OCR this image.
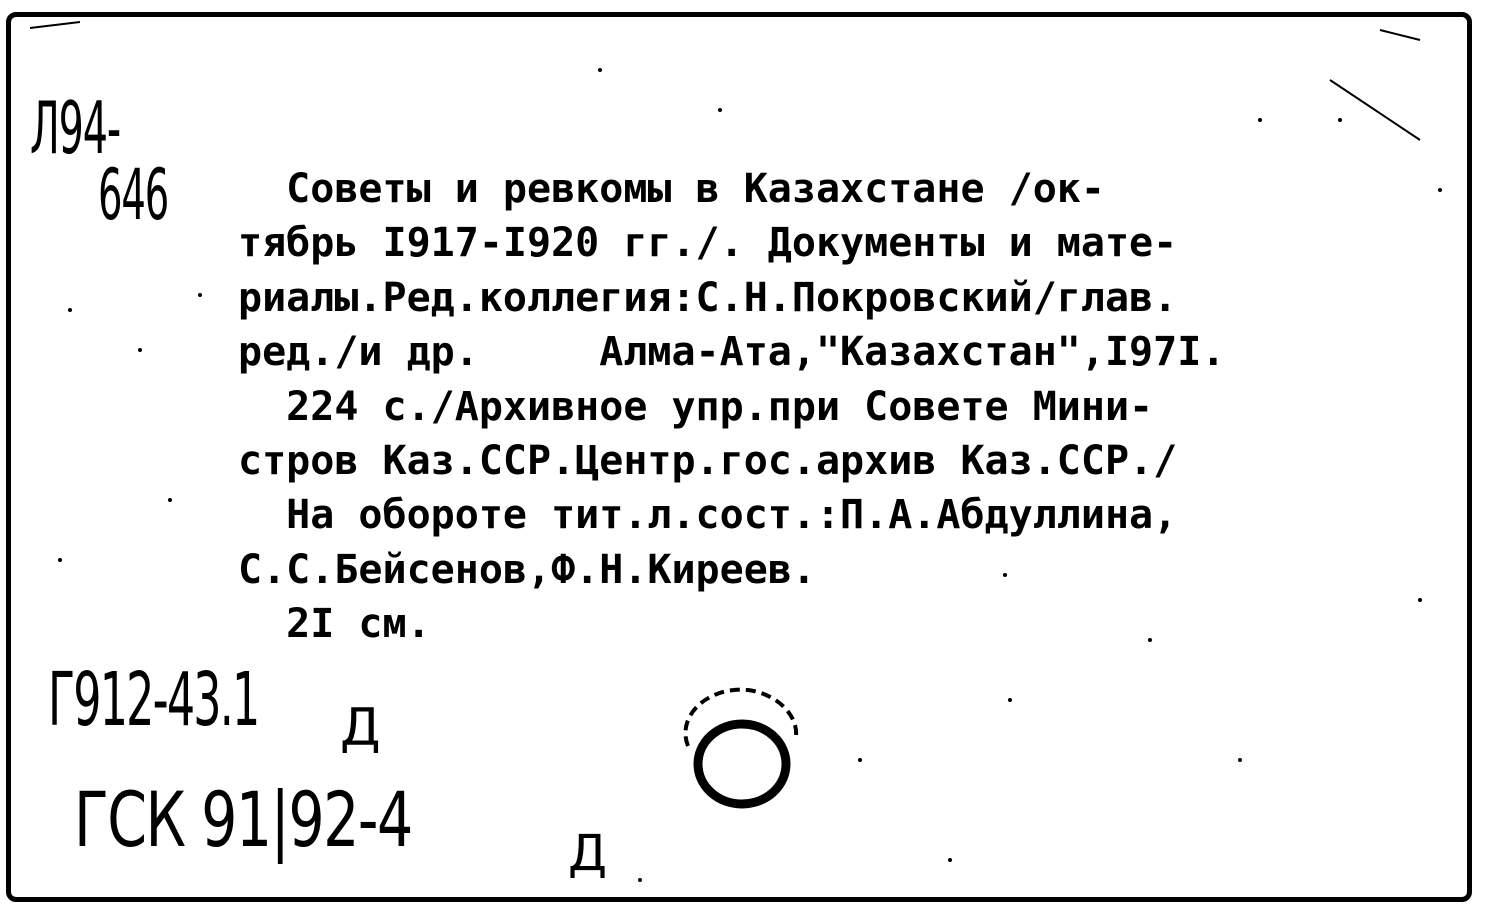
Л94-
646 Советы и ревкомы в Казахстане /ок-
тябрь I917-I920 гг./. Документы и мате-
риалы.Ред.коллегия:С.Н.Покровский/глав.
ред./и др.     Алма-Ата,"Казахстан",I97I.
224 с./Архивное упр.при Совете Мини-
стров Каз.ССР.Центр.гос.архив Каз.ССР./
На обороте тит.л.сост.:П.А.Абдуллина,
С.С.Бейсенов,Ф.Н.Киреев.
2I см.
Г912-43.1 Д
ГСК 91|92-4	Д
